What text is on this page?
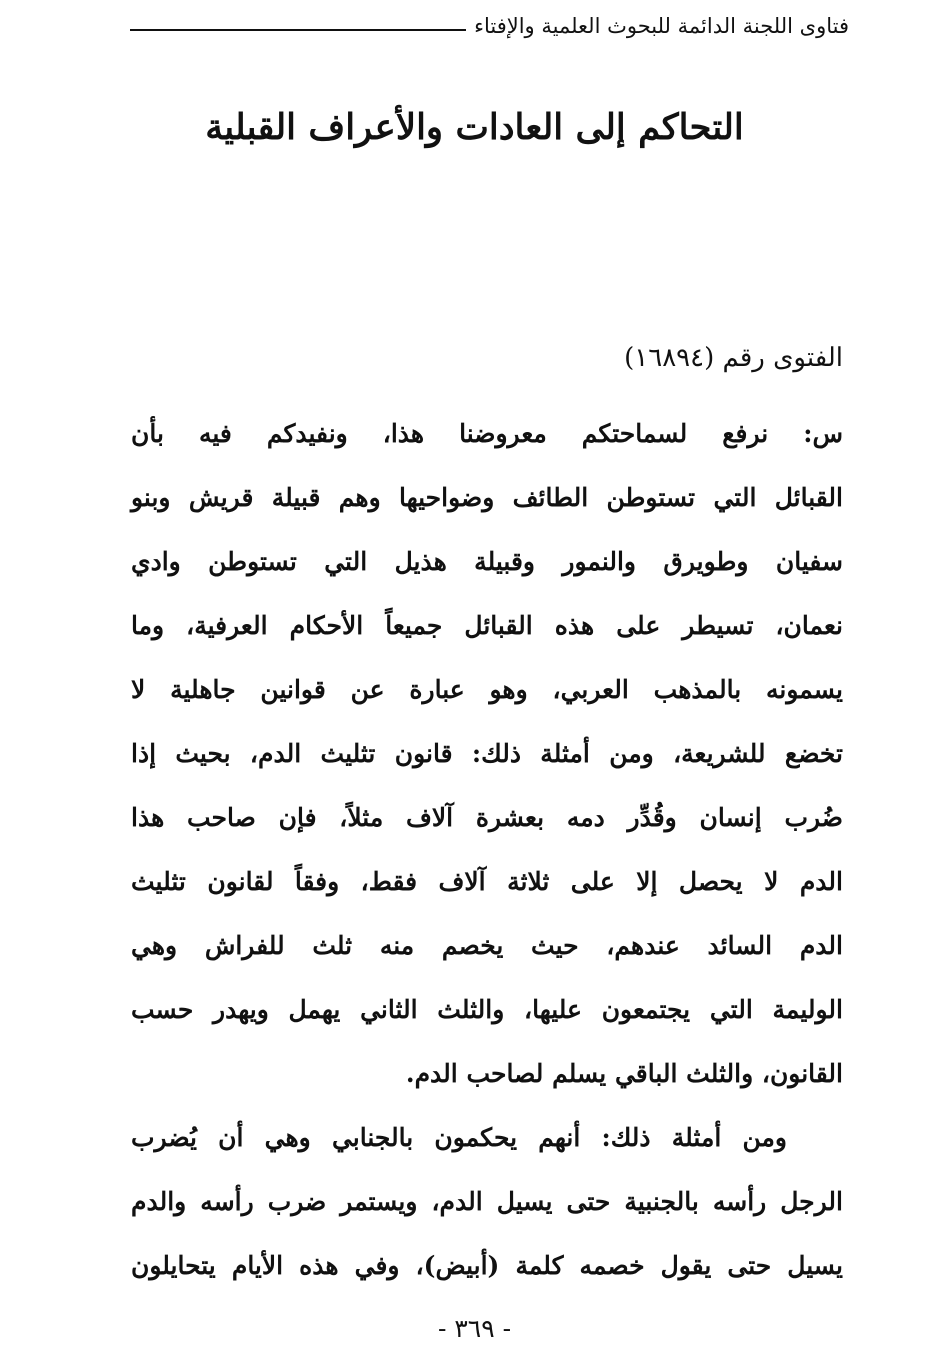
فتاوى اللجنة الدائمة للبحوث العلمية والإفتاء
التحاكم إلى العادات والأعراف القبلية
الفتوى رقم (١٦٨٩٤)
س: نرفع لسماحتكم معروضنا هذا، ونفيدكم فيه بأن
القبائل التي تستوطن الطائف وضواحيها وهم قبيلة قريش وبنو
سفيان وطويرق والنمور وقبيلة هذيل التي تستوطن وادي
نعمان، تسيطر على هذه القبائل جميعاً الأحكام العرفية، وما
يسمونه بالمذهب العربي، وهو عبارة عن قوانين جاهلية لا
تخضع للشريعة، ومن أمثلة ذلك: قانون تثليث الدم، بحيث إذا
ضُرب إنسان وقُدِّر دمه بعشرة آلاف مثلاً، فإن صاحب هذا
الدم لا يحصل إلا على ثلاثة آلاف فقط، وفقاً لقانون تثليث
الدم السائد عندهم، حيث يخصم منه ثلث للفراش وهي
الوليمة التي يجتمعون عليها، والثلث الثاني يهمل ويهدر حسب
القانون، والثلث الباقي يسلم لصاحب الدم.
ومن أمثلة ذلك: أنهم يحكمون بالجنابي وهي أن يُضرب
الرجل رأسه بالجنبية حتى يسيل الدم، ويستمر ضرب رأسه والدم
يسيل حتى يقول خصمه كلمة (أبيض)، وفي هذه الأيام يتحايلون
- ٣٦٩ -
